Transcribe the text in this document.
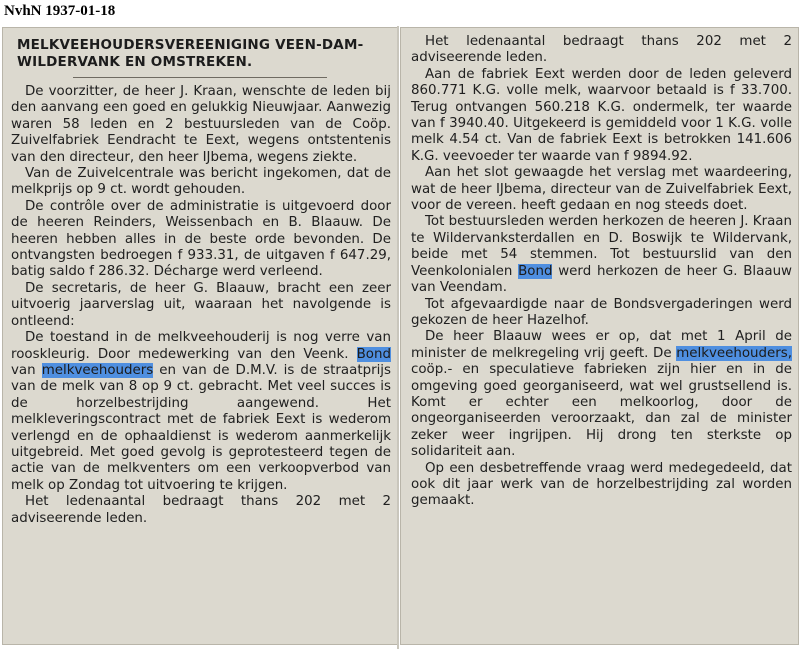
NvhN 1937-01-18
MELKVEEHOUDERSVEREENIGING VEEN-DAM-WILDERVANK EN OMSTREKEN.

De voorzitter, de heer J. Kraan, wenschte de leden bij den aanvang een goed en gelukkig Nieuwjaar. Aanwezig waren 58 leden en 2 bestuursleden van de Coöp. Zuivelfabriek Eendracht te Eext, wegens ontstentenis van den directeur, den heer IJbema, wegens ziekte.

Van de Zuivelcentrale was bericht ingekomen, dat de melkprijs op 9 ct. wordt gehouden.

De contrôle over de administratie is uitgevoerd door de heeren Reinders, Weissenbach en B. Blaauw. De heeren hebben alles in de beste orde bevonden. De ontvangsten bedroegen f 933.31, de uitgaven f 647.29, batig saldo f 286.32. Décharge werd verleend.

De secretaris, de heer G. Blaauw, bracht een zeer uitvoerig jaarverslag uit, waaraan het navolgende is ontleend:

De toestand in de melkveehouderij is nog verre van rooskleurig. Door medewerking van den Veenk. Bond van melkveehouders en van de D.M.V. is de straatprijs van de melk van 8 op 9 ct. gebracht. Met veel succes is de horzelbestrijding aangewend. Het melkleveringscontract met de fabriek Eext is wederom verlengd en de ophaaldienst is wederom aanmerkelijk uitgebreid. Met goed gevolg is geprotesteerd tegen de actie van de melkventers om een verkoopverbod van melk op Zondag tot uitvoering te krijgen.

Het ledenaantal bedraagt thans 202 met 2 adviseerende leden.

Het ledenaantal bedraagt thans 202 met 2 adviseerende leden.

Aan de fabriek Eext werden door de leden geleverd 860.771 K.G. volle melk, waarvoor betaald is f 33.700. Terug ontvangen 560.218 K.G. ondermelk, ter waarde van f 3940.40. Uitgekeerd is gemiddeld voor 1 K.G. volle melk 4.54 ct. Van de fabriek Eext is betrokken 141.606 K.G. veevoeder ter waarde van f 9894.92.

Aan het slot gewaagde het verslag met waardeering, wat de heer IJbema, directeur van de Zuivelfabriek Eext, voor de vereen. heeft gedaan en nog steeds doet.

Tot bestuursleden werden herkozen de heeren J. Kraan te Wildervanksterdallen en D. Boswijk te Wildervank, beide met 54 stemmen. Tot bestuurslid van den Veenkolonialen Bond werd herkozen de heer G. Blaauw van Veendam.

Tot afgevaardigde naar de Bondsvergaderingen werd gekozen de heer Hazelhof.

De heer Blaauw wees er op, dat met 1 April de minister de melkregeling vrij geeft. De melkveehouders, coöp.- en speculatieve fabrieken zijn hier en in de omgeving goed georganiseerd, wat wel grustsellend is. Komt er echter een melkoorlog, door de ongeorganiseerden veroorzaakt, dan zal de minister zeker weer ingrijpen. Hij drong ten sterkste op solidariteit aan.

Op een desbetreffende vraag werd medegedeeld, dat ook dit jaar werk van de horzelbestrijding zal worden gemaakt.
